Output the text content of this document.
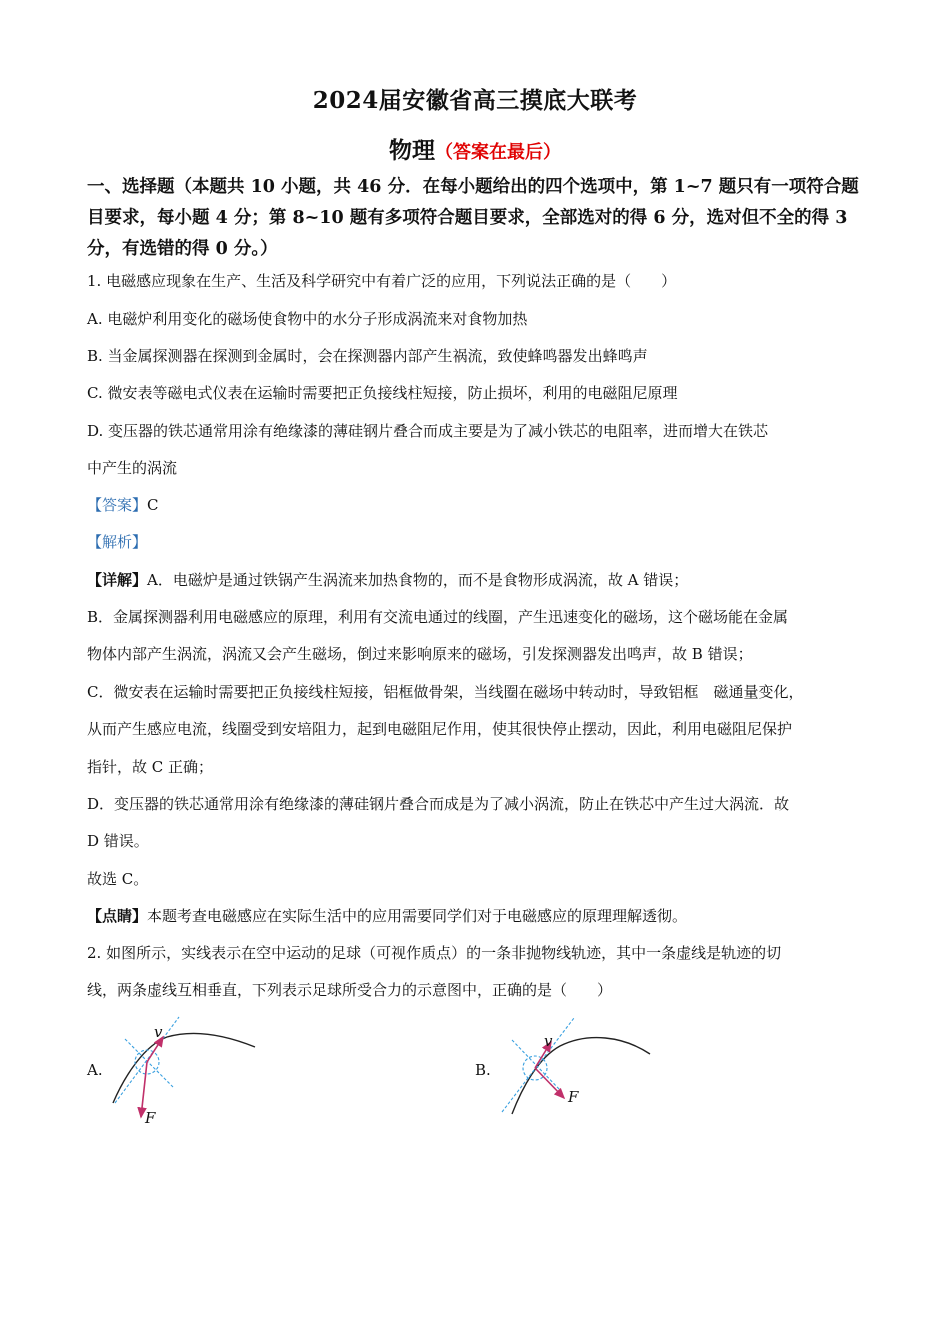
2024届安徽省高三摸底大联考
物理（答案在最后）
一、选择题（本题共 10 小题，共 46 分．在每小题给出的四个选项中，第 1~7 题只有一项符合题目要求，每小题 4 分；第 8~10 题有多项符合题目要求，全部选对的得 6 分，选对但不全的得 3 分，有选错的得 0 分。）
1. 电磁感应现象在生产、生活及科学研究中有着广泛的应用，下列说法正确的是（　　）
A. 电磁炉利用变化的磁场使食物中的水分子形成涡流来对食物加热
B. 当金属探测器在探测到金属时，会在探测器内部产生祸流，致使蜂鸣器发出蜂鸣声
C. 微安表等磁电式仪表在运输时需要把正负接线柱短接，防止损坏，利用的电磁阻尼原理
D. 变压器的铁芯通常用涂有绝缘漆的薄硅钢片叠合而成主要是为了减小铁芯的电阻率，进而增大在铁芯
中产生的涡流
【答案】C
【解析】
【详解】A．电磁炉是通过铁锅产生涡流来加热食物的，而不是食物形成涡流，故 A 错误；
B．金属探测器利用电磁感应的原理，利用有交流电通过的线圈，产生迅速变化的磁场，这个磁场能在金属
物体内部产生涡流，涡流又会产生磁场，倒过来影响原来的磁场，引发探测器发出鸣声，故 B 错误；
C．微安表在运输时需要把正负接线柱短接，铝框做骨架，当线圈在磁场中转动时，导致铝框　磁通量变化，
从而产生感应电流，线圈受到安培阻力，起到电磁阻尼作用，使其很快停止摆动，因此，利用电磁阻尼保护
指针，故 C 正确；
D．变压器的铁芯通常用涂有绝缘漆的薄硅钢片叠合而成是为了减小涡流，防止在铁芯中产生过大涡流．故
D 错误。
故选 C。
【点睛】本题考查电磁感应在实际生活中的应用需要同学们对于电磁感应的原理理解透彻。
2. 如图所示，实线表示在空中运动的足球（可视作质点）的一条非抛物线轨迹，其中一条虚线是轨迹的切
线，两条虚线互相垂直，下列表示足球所受合力的示意图中，正确的是（　　）
A.
v
F
B.
v
F
